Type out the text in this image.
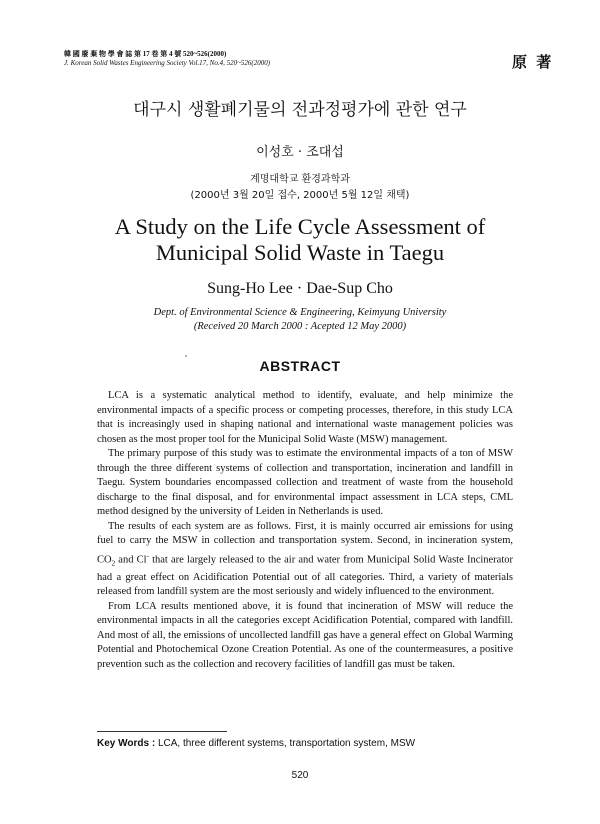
韓 國 廢 棄 物 學 會 誌 第 17 卷 第 4 號 520~526(2000)
J. Korean Solid Wastes Engineering Society Vol.17, No.4, 520~526(2000)	原 著
대구시 생활폐기물의 전과정평가에 관한 연구
이성호 · 조대섭
계명대학교 환경과학과
(2000년 3월 20일 접수, 2000년 5월 12일 채택)
A Study on the Life Cycle Assessment of
Municipal Solid Waste in Taegu
Sung-Ho Lee · Dae-Sup Cho
Dept. of Environmental Science & Engineering, Keimyung University
(Received 20 March 2000 : Acepted 12 May 2000)
ABSTRACT

LCA is a systematic analytical method to identify, evaluate, and help minimize the environmental impacts of a specific process or competing processes, therefore, in this study LCA that is increasingly used in shaping national and international waste management policies was chosen as the most proper tool for the Municipal Solid Waste (MSW) management.

The primary purpose of this study was to estimate the environmental impacts of a ton of MSW through the three different systems of collection and transportation, incineration and landfill in Taegu. System boundaries encompassed collection and treatment of waste from the household discharge to the final disposal, and for environmental impact assessment in LCA steps, CML method designed by the university of Leiden in Netherlands is used.

The results of each system are as follows. First, it is mainly occurred air emissions for using fuel to carry the MSW in collection and transportation system. Second, in incineration system, $CO_2$ and Cl- that are largely released to the air and water from Municipal Solid Waste Incinerator had a great effect on Acidification Potential out of all categories. Third, a variety of materials released from landfill system are the most seriously and widely influenced to the environment.

From LCA results mentioned above, it is found that incineration of MSW will reduce the environmental impacts in all the categories except Acidification Potential, compared with landfill. And most of all, the emissions of uncollected landfill gas have a general effect on Global Warming Potential and Photochemical Ozone Creation Potential. As one of the countermeasures, a positive prevention such as the collection and recovery facilities of landfill gas must be taken.

Key Words : LCA, three different systems, transportation system, MSW
520
